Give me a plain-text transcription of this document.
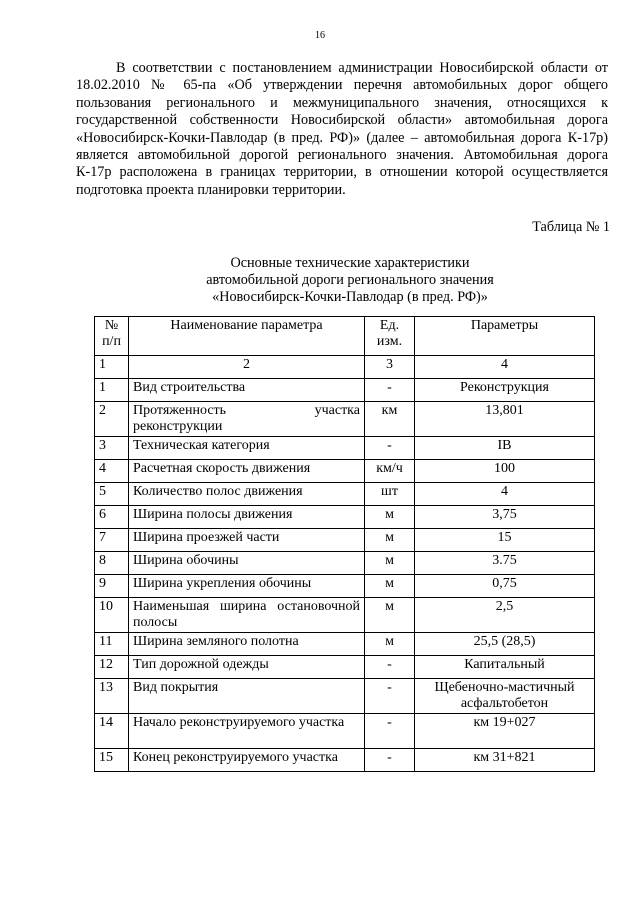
16

В соответствии с постановлением администрации Новосибирской области от 18.02.2010 № 65-па «Об утверждении перечня автомобильных дорог общего пользования регионального и межмуниципального значения, относящихся к государственной собственности Новосибирской области» автомобильная дорога «Новосибирск-Кочки-Павлодар (в пред. РФ)» (далее – автомобильная дорога К-17р) является автомобильной дорогой регионального значения. Автомобильная дорога К-17р расположена в границах территории, в отношении которой осуществляется подготовка проекта планировки территории.

Таблица № 1
Основные технические характеристики
автомобильной дороги регионального значения
«Новосибирск-Кочки-Павлодар (в пред. РФ)»
№ п/п	Наименование параметра	Ед. изм.	Параметры
1	2	3	4
1	Вид строительства	-	Реконструкция
2	Протяженность участка реконструкции	км	13,801
3	Техническая категория	-	IB
4	Расчетная скорость движения	км/ч	100
5	Количество полос движения	шт	4
6	Ширина полосы движения	м	3,75
7	Ширина проезжей части	м	15
8	Ширина обочины	м	3.75
9	Ширина укрепления обочины	м	0,75
10	Наименьшая ширина остановочной полосы	м	2,5
11	Ширина земляного полотна	м	25,5 (28,5)
12	Тип дорожной одежды	-	Капитальный
13	Вид покрытия	-	Щебеночно-мастичный асфальтобетон
14	Начало реконструируемого участка	-	км 19+027
15	Конец реконструируемого участка	-	км 31+821
